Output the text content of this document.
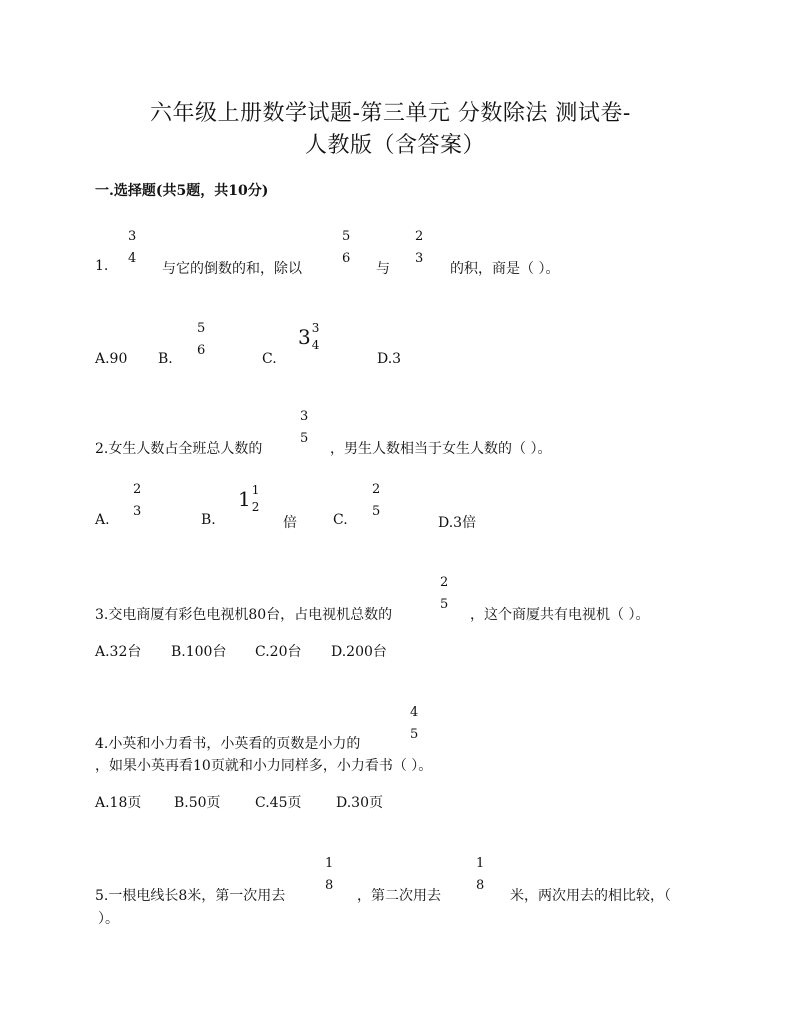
六年级上册数学试题-第三单元 分数除法 测试卷-
人教版（含答案）
一.选择题(共5题，共10分)
1.
3
4
与它的倒数的和，除以
5
6
与
2
3
的积，商是（ ）。
A.90 B.
5
6
C.
3 3
4
D.3
2.女生人数占全班总人数的
3
5
，男生人数相当于女生人数的（ ）。
A.
2
3
B.
1 1
2
倍	C.
2
5
D.3倍
3.交电商厦有彩色电视机80台，占电视机总数的
2
5
，这个商厦共有电视机（ ）。
A.32台 B.100台 C.20台 D.200台
4.小英和小力看书，小英看的页数是小力的
4
5
，如果小英再看10页就和小力同样多，小力看书（ ）。
A.18页 B.50页 C.45页 D.30页
5.一根电线长8米，第一次用去
1
8
，第二次用去
1
8
米，两次用去的相比较，（
）。
